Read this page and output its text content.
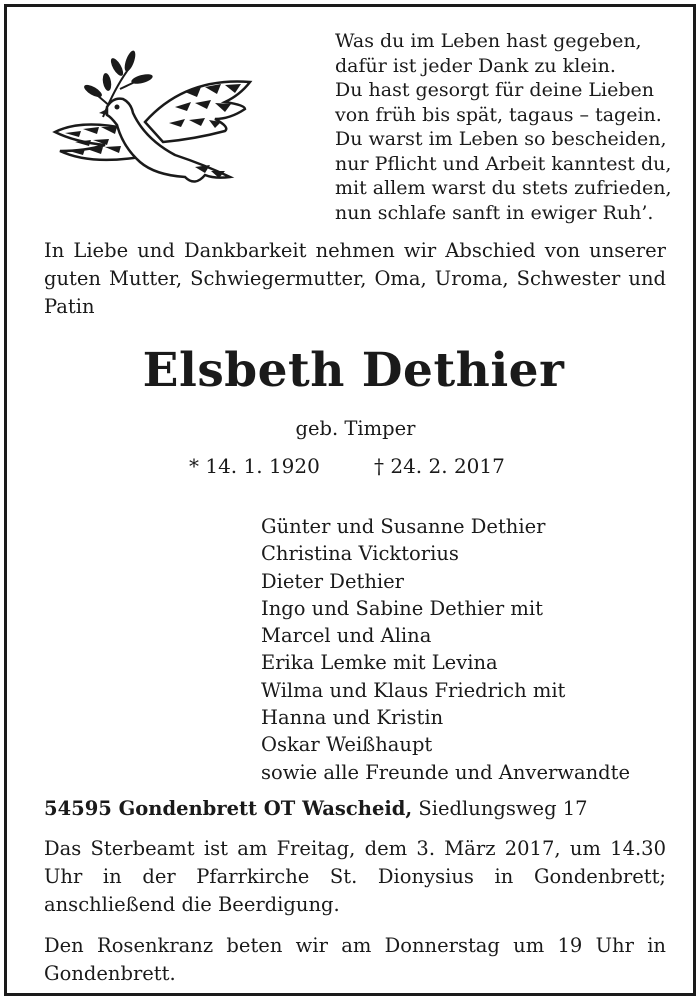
Was du im Leben hast gegeben,
dafür ist jeder Dank zu klein.
Du hast gesorgt für deine Lieben
von früh bis spät, tagaus – tagein.
Du warst im Leben so bescheiden,
nur Pflicht und Arbeit kanntest du,
mit allem warst du stets zufrieden,
nun schlafe sanft in ewiger Ruh’.

In Liebe und Dankbarkeit nehmen wir Abschied von unserer guten Mutter, Schwiegermutter, Oma, Uroma, Schwester und Patin

Elsbeth Dethier

geb. Timper

* 14. 1. 1920	† 24. 2. 2017

Günter und Susanne Dethier
Christina Vicktorius
Dieter Dethier
Ingo und Sabine Dethier mit
Marcel und Alina
Erika Lemke mit Levina
Wilma und Klaus Friedrich mit
Hanna und Kristin
Oskar Weißhaupt
sowie alle Freunde und Anverwandte

54595 Gondenbrett OT Wascheid, Siedlungsweg 17

Das Sterbeamt ist am Freitag, dem 3. März 2017, um 14.30 Uhr in der Pfarrkirche St. Dionysius in Gondenbrett; anschließend die Beerdigung.

Den Rosenkranz beten wir am Donnerstag um 19 Uhr in Gondenbrett.
